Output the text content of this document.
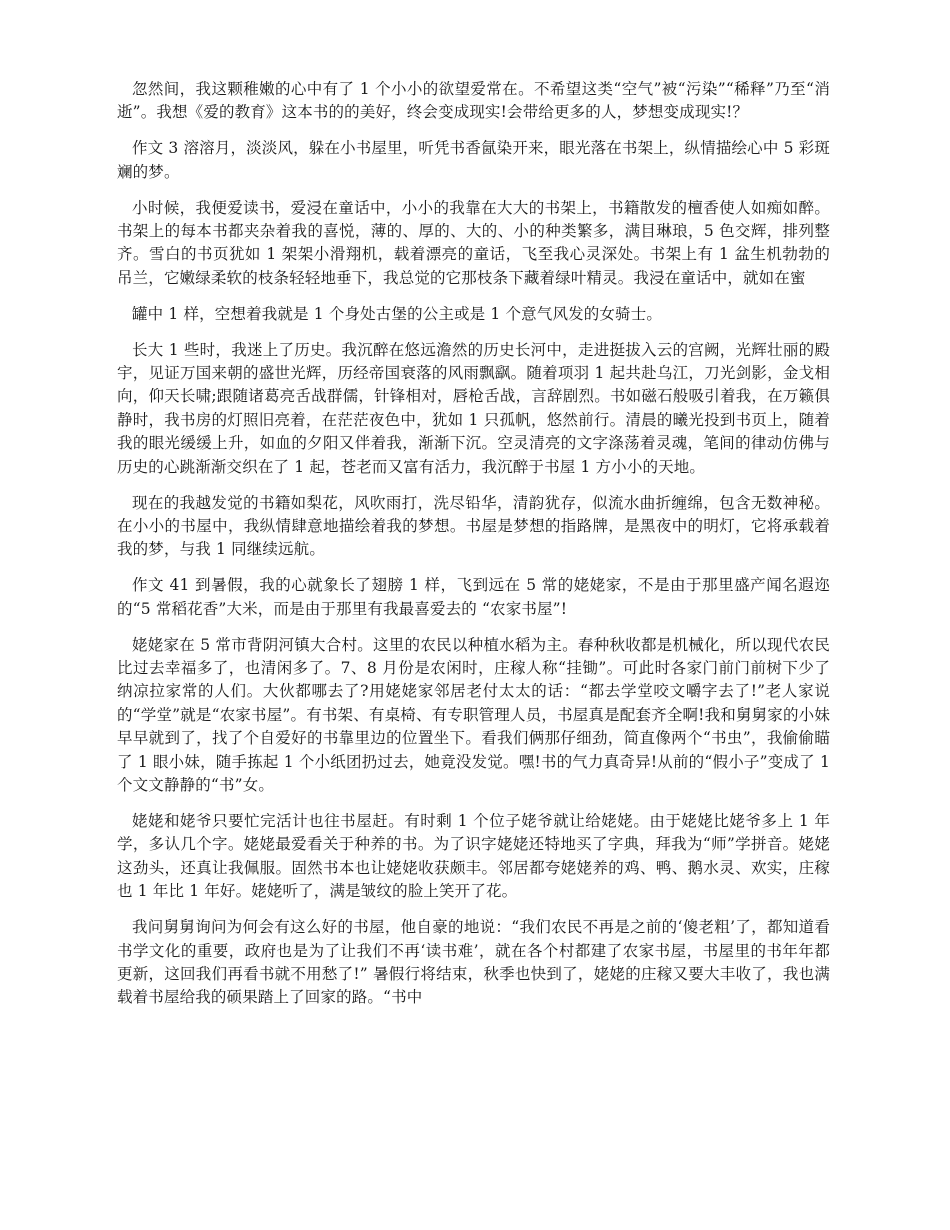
忽然间，我这颗稚嫩的心中有了 1 个小小的欲望爱常在。不希望这类“空气”被“污染”“稀释”乃至“消逝”。我想《爱的教育》这本书的的美好，终会变成现实!会带给更多的人，梦想变成现实!？

作文 3 溶溶月，淡淡风，躲在小书屋里，听凭书香氤染开来，眼光落在书架上，纵情描绘心中 5 彩斑斓的梦。

小时候，我便爱读书，爱浸在童话中，小小的我靠在大大的书架上，书籍散发的檀香使人如痴如醉。书架上的每本书都夹杂着我的喜悦，薄的、厚的、大的、小的种类繁多，满目琳琅，5 色交辉，排列整齐。雪白的书页犹如 1 架架小滑翔机，载着漂亮的童话，飞至我心灵深处。书架上有 1 盆生机勃勃的吊兰，它嫩绿柔软的枝条轻轻地垂下，我总觉的它那枝条下藏着绿叶精灵。我浸在童话中，就如在蜜

罐中 1 样，空想着我就是 1 个身处古堡的公主或是 1 个意气风发的女骑士。

长大 1 些时，我迷上了历史。我沉醉在悠远澹然的历史长河中，走进挺拔入云的宫阙，光辉壮丽的殿宇，见证万国来朝的盛世光辉，历经帝国衰落的风雨飘飖。随着项羽 1 起共赴乌江，刀光剑影，金戈相向，仰天长啸;跟随诸葛亮舌战群儒，针锋相对，唇枪舌战，言辞剧烈。书如磁石般吸引着我，在万籁俱静时，我书房的灯照旧亮着，在茫茫夜色中，犹如 1 只孤帆，悠然前行。清晨的曦光投到书页上，随着我的眼光缓缓上升，如血的夕阳又伴着我，渐渐下沉。空灵清亮的文字涤荡着灵魂，笔间的律动仿佛与历史的心跳渐渐交织在了 1 起，苍老而又富有活力，我沉醉于书屋 1 方小小的天地。

现在的我越发觉的书籍如梨花，风吹雨打，洗尽铅华，清韵犹存，似流水曲折缠绵，包含无数神秘。在小小的书屋中，我纵情肆意地描绘着我的梦想。书屋是梦想的指路牌，是黑夜中的明灯，它将承载着我的梦，与我 1 同继续远航。

作文 41 到暑假，我的心就象长了翅膀 1 样，飞到远在 5 常的姥姥家，不是由于那里盛产闻名遐迩的“5 常稻花香”大米，而是由于那里有我最喜爱去的 “农家书屋”!

姥姥家在 5 常市背阴河镇大合村。这里的农民以种植水稻为主。春种秋收都是机械化，所以现代农民比过去幸福多了，也清闲多了。7、8 月份是农闲时，庄稼人称“挂锄”。可此时各家门前门前树下少了纳凉拉家常的人们。大伙都哪去了?用姥姥家邻居老付太太的话：“都去学堂咬文嚼字去了!”老人家说的“学堂”就是“农家书屋”。有书架、有桌椅、有专职管理人员，书屋真是配套齐全啊!我和舅舅家的小妹早早就到了，找了个自爱好的书靠里边的位置坐下。看我们俩那仔细劲，简直像两个“书虫”，我偷偷瞄了 1 眼小妹，随手拣起 1 个小纸团扔过去，她竟没发觉。嘿!书的气力真奇异!从前的“假小子”变成了 1 个文文静静的“书”女。

姥姥和姥爷只要忙完活计也往书屋赶。有时剩 1 个位子姥爷就让给姥姥。由于姥姥比姥爷多上 1 年学，多认几个字。姥姥最爱看关于种养的书。为了识字姥姥还特地买了字典，拜我为“师”学拼音。姥姥这劲头，还真让我佩服。固然书本也让姥姥收获颇丰。邻居都夸姥姥养的鸡、鸭、鹅水灵、欢实，庄稼也 1 年比 1 年好。姥姥听了，满是皱纹的脸上笑开了花。

我问舅舅询问为何会有这么好的书屋，他自豪的地说：“我们农民不再是之前的‘傻老粗’了，都知道看书学文化的重要，政府也是为了让我们不再‘读书难’，就在各个村都建了农家书屋，书屋里的书年年都更新，这回我们再看书就不用愁了!” 暑假行将结束，秋季也快到了，姥姥的庄稼又要大丰收了，我也满载着书屋给我的硕果踏上了回家的路。“书中
